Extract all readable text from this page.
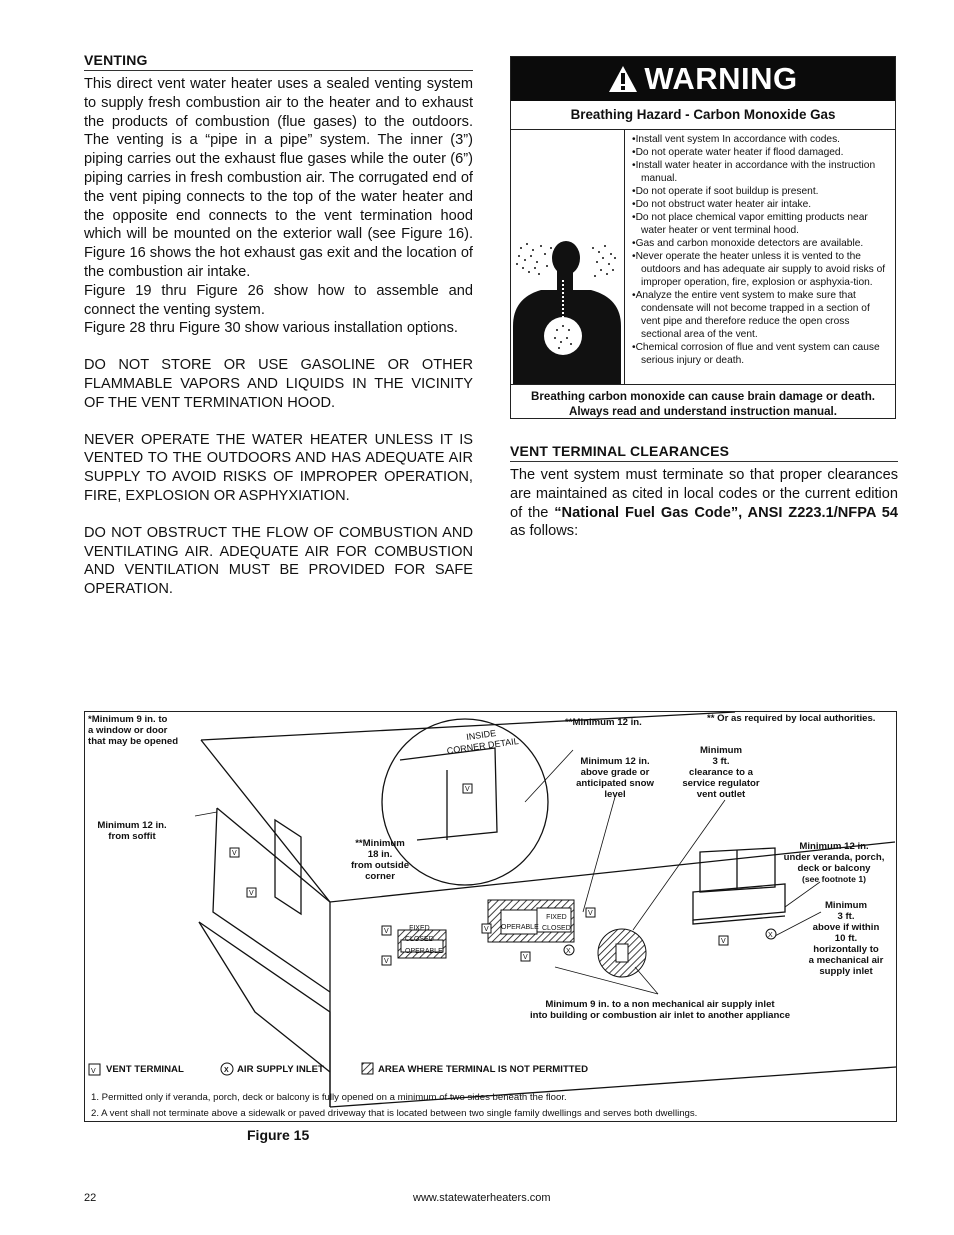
VENTING

This direct vent water heater uses a sealed venting system to supply fresh combustion air to the heater and to exhaust the products of combustion (flue gases) to the outdoors. The venting is a “pipe in a pipe” system. The inner (3”) piping carries out the exhaust flue gases while the outer (6”) piping carries in fresh combustion air. The corrugated end of the vent piping connects to the top of the water heater and the opposite end connects to the vent termination hood which will be mounted on the exterior wall (see Figure 16). Figure 16 shows the hot exhaust gas exit and the location of the combustion air intake.

Figure 19 thru Figure 26 show how to assemble and connect the venting system.

Figure 28 thru Figure 30 show various installation options.

DO NOT STORE OR USE GASOLINE OR OTHER FLAMMABLE VAPORS AND LIQUIDS IN THE VICINITY OF THE VENT TERMINATION HOOD.

NEVER OPERATE THE WATER HEATER UNLESS IT IS VENTED TO THE OUTDOORS AND HAS ADEQUATE AIR SUPPLY TO AVOID RISKS OF IMPROPER OPERATION, FIRE, EXPLOSION OR ASPHYXIATION.

DO NOT OBSTRUCT THE FLOW OF COMBUSTION AND VENTILATING AIR. ADEQUATE AIR FOR COMBUSTION AND VENTILATION MUST BE PROVIDED FOR SAFE OPERATION.

WARNING
Breathing Hazard - Carbon Monoxide Gas
• Install vent system In accordance with codes.
• Do not operate water heater if flood damaged.
• Install water heater in accordance with the instruction manual.
• Do not operate if soot buildup is present.
• Do not obstruct water heater air intake.
• Do not place chemical vapor emitting products near water heater or vent terminal hood.
• Gas and carbon monoxide detectors are available.
• Never operate the heater unless it is vented to the outdoors and has adequate air supply to avoid risks of improper operation, fire, explosion or asphyxia-tion.
• Analyze the entire vent system to make sure that condensate will not become trapped in a section of vent pipe and therefore reduce the open cross sectional area of the vent.
• Chemical corrosion of flue and vent system can cause serious injury or death.
Breathing carbon monoxide can cause brain damage or death.
Always read and understand instruction manual.
VENT TERMINAL CLEARANCES

The vent system must terminate so that proper clearances are maintained as cited in local codes or the current edition of the “National Fuel Gas Code”, ANSI Z223.1/NFPA 54 as follows:

V
V
V
V
V
V
V
V
V
X
X
*Minimum 9 in. to
a window or door
that may be opened
Minimum 12 in.
from soffit
INSIDE
CORNER DETAIL
**Minimum 12 in.	** Or as required by local authorities.
Minimum 12 in.
above grade or
anticipated snow
level
Minimum
3 ft.
clearance to a
service regulator
vent outlet
**Minimum
18 in.
from outside
corner
Minimum 12 in.
under veranda, porch,
deck or balcony
(see footnote 1)
Minimum
3 ft.
above if within
10 ft.
horizontally to
a mechanical air
supply inlet
Minimum 9 in. to a non mechanical air supply inlet
into building or combustion air inlet to another appliance
FIXED
CLOSED
OPERABLE
OPERABLE
FIXED
CLOSED
V VENT TERMINAL	X AIR SUPPLY INLET	AREA WHERE TERMINAL IS NOT PERMITTED
1. Permitted only if veranda, porch, deck or balcony is fully opened on a minimum of two sides beneath the floor.
2. A vent shall not terminate above a sidewalk or paved driveway that is located between two single family dwellings and serves both dwellings.
Figure 15
22	www.statewaterheaters.com
